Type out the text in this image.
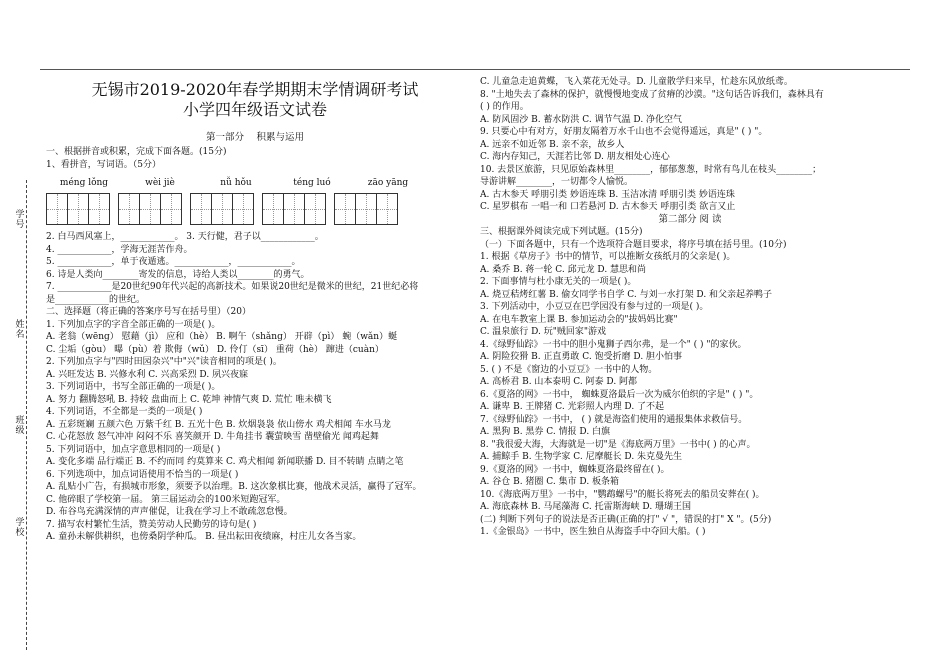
学号
姓名
班级
学校
无锡市2019-2020年春学期期末学情调研考试
小学四年级语文试卷
第一部分　 积累与运用
一、根据拼音或积累，完成下面各题。(15分)
1、看拼音，写词语。（5分）
méng lǒng	wèi jiè	nǚ hǒu	téng luó	zāo yāng
2. 白马西风塞上，____________。 3. 天行健，君子以____________。
4. ____________，学海无涯苦作舟。
5. ____________，单于夜遁逃。____________，____________。
6. 诗是人类向________寄发的信息，诗给人类以________的勇气。
7. ____________是20世纪90年代兴起的高新技术。如果说20世纪是微米的世纪，21世纪必将
是____________的世纪。
二、选择题（将正确的答案序号写在括号里）（20）
1. 下列加点字的字音全部正确的一项是( )。
A. 老翁（wēng） 慰藉（jì） 应和（hè） B. 啊午（shǎng） 开辟（pì） 蜿（wǎn）蜒
C. 尘垢（gòu） 曝（pù）着 欺侮（wǔ） D. 伶仃（sī） 重荷（hè） 蹿进（cuàn）
2. 下列加点字与"四时田园杂兴"中"兴"读音相同的项是( )。
A. 兴旺发达 B. 兴修水利 C. 兴高采烈 D. 夙兴夜寐
3. 下列词语中，书写全部正确的一项是( )。
A. 努力 翻腾怒吼 B. 持较 盘曲而上 C. 乾坤 神情气爽 D. 荒忙 唯未横飞
4. 下列词语，不全都是一类的一项是( )
A. 五彩斑斓 五颜六色 万紫千红 B. 五光十色 B. 炊烟袅袅 依山傍水 鸡犬相闻 车水马龙
C. 心花怒放 怒气冲冲 闷闷不乐 喜笑颜开 D. 牛角挂书 囊萤映雪 凿壁偷光 闻鸡起舞
5. 下列词语中，加点字意思相同的一项是( )
A. 变化多端 品行端正 B. 不约而同 约莫算来 C. 鸡犬相闻 新闻联播 D. 目不转睛 点睛之笔
6. 下列选项中，加点词语使用不恰当的一项是( )
A. 乱贴小广告，有损城市形象，须要予以治理。B. 这次象棋比赛，他战术灵活，赢得了冠军。
C. 他碎眼了学校第一届。 第三届运动会的100米短跑冠军。
D. 布谷鸟充满深情的声声催促，让我在学习上不敢疏忽怠慢。
7. 描写农村繁忙生活，赞美劳动人民勤劳的诗句是( )
A. 童孙未解供耕织，也傍桑阴学种瓜。 B. 昼出耘田夜绩麻，村庄儿女各当家。
C. 儿童急走追黄蝶，飞入菜花无处寻。D. 儿童散学归来早，忙趁东风放纸鸢。
8. "土地失去了森林的保护，就慢慢地变成了贫瘠的沙漠。"这句话告诉我们，森林具有
( ) 的作用。
A. 防风固沙 B. 蓄水防洪 C. 调节气温 D. 净化空气
9. 只要心中有对方，好朋友隔着万水千山也不会觉得遥远，真是" ( ) "。
A. 远亲不如近邻 B. 亲不亲，故乡人
C. 海内存知己，天涯若比邻 D. 朋友相处心连心
10. 去景区旅游，只见原始森林里________，郁郁葱葱，时常有鸟儿在枝头________；
导游讲解________，一切都令人愉悦。
A. 古木参天 呼朋引类 妙语连珠 B. 玉洁冰清 呼朋引类 妙语连珠
C. 星罗棋布 一唱一和 口若悬河 D. 古木参天 呼朋引类 欲言又止
第二部分 阅 读
三、根据课外阅读完成下列试题。(15分)
（一）下面各题中，只有一个选项符合题目要求，将序号填在括号里。(10分)
1. 根据《草房子》书中的情节，可以推断女孩纸月的父亲是( )。
A. 桑乔 B. 蒋一轮 C. 邱元龙 D. 慧思和尚
2. 下面事情与杜小康无关的一项是( )。
A. 烧豆秸烤红薯 B. 偷女同学书自学 C. 与刘一水打架 D. 和父亲起养鸭子
3. 下列活动中，小豆豆在巴学园没有参与过的一项是( )。
A. 在电车教室上课 B. 参加运动会的"拔妈妈比赛"
C. 温泉旅行 D. 玩"贼回家"游戏
4.《绿野仙踪》一书中的胆小鬼狮子西尔弗，是一个" ( ) "的家伙。
A. 阴险狡猾 B. 正直勇敢 C. 饱受折磨 D. 胆小怕事
5. ( ) 不是《窗边的小豆豆》一书中的人物。
A. 高桥君 B. 山本泰明 C. 阿泰 D. 阿都
6.《夏洛的网》一书中， 蜘蛛夏洛最后一次为威尔伯织的字是" ( ) "。
A. 谦卑 B. 王牌猪 C. 光彩照人内理 D. 了不起
7.《绿野仙踪》一书中， ( ) 就是海盗们使用的通报集体求救信号。
A. 黑狗 B. 黑券 C. 情报 D. 白旗
8. "我很爱大海，大海就是一切"是《海底两万里》一书中( ) 的心声。
A. 捕鲸手 B. 生物学家 C. 尼摩艇长 D. 朱克曼先生
9.《夏洛的网》一书中，蜘蛛夏洛最终留在( )。
A. 谷仓 B. 猪圈 C. 集市 D. 板条箱
10.《海底两万里》一书中，"鹦鹉螺号"的艇长将死去的船员安葬在( )。
A. 海底森林 B. 马尾藻海 C. 托雷斯海峡 D. 珊瑚王国
(二) 判断下列句子的说法是否正确(正确的打" √ "，错误的打" X "。(5分)
1.《金银岛》一书中，医生独自从海盗手中夺回大船。( )
